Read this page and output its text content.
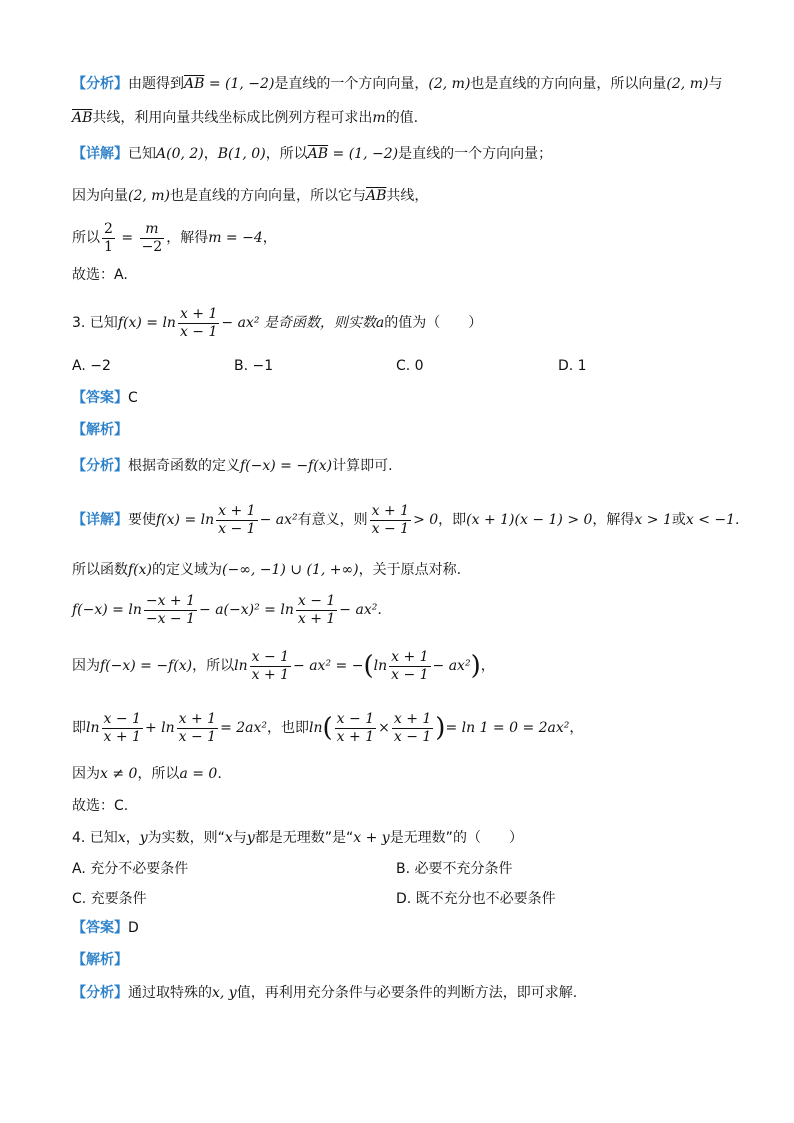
【分析】由题得到$\overline{AB} = (1$, −2)是直线的一个方向向量，(2, m)也是直线的方向向量，所以向量(2, m)与
$\overline{AB}$共线，利用向量共线坐标成比例列方程可求出m的值.
【详解】已知A(0, 2)，B(1, 0)，所以$\overline{AB} = (1$, −2)是直线的一个方向向量；
因为向量(2, m)也是直线的方向向量，所以它与$\overline{AB}$共线，
所以 $\frac{2}{1} = \frac{m}{-2}$ ，解得m = −4，
故选：A.
3. 已知$f(x) = \ln \frac{x + 1}{x - 1} - ax^2$ 是奇函数，则实数a的值为（　　）
A. −2	B. −1	C. 0	D. 1
【答案】C
【解析】
【分析】根据奇函数的定义f(−x) = −f(x)计算即可.
【详解】要使$f(x) = \ln \frac{x + 1}{x - 1} - ax^2$有意义，则 $\frac{x + 1}{x - 1} > 0$，即(x + 1)(x − 1) > 0，解得x > 1或x < −1.
所以函数f(x)的定义域为(−∞, −1) ∪ (1, +∞)，关于原点对称.
$f(-x) = \ln \frac{-x + 1}{-x - 1} - a(-x)^2 = \ln \frac{x - 1}{x + 1} - ax^2$.
因为f(−x) = −f(x)，所以$\ln \frac{x - 1}{x + 1} - ax^2 = -(\ln \frac{x + 1}{x - 1} - ax^2)$，
即$\ln \frac{x - 1}{x + 1} + \ln \frac{x + 1}{x - 1} = 2ax^2$，也即$\ln( \frac{x - 1}{x + 1} \times \frac{x + 1}{x - 1}$ )= ln 1 = 0 = 2ax²，
因为x ≠ 0，所以a = 0.
故选：C.
4. 已知x，y为实数，则“x与y都是无理数”是“x + y是无理数”的（　　）
A. 充分不必要条件	B. 必要不充分条件
C. 充要条件	D. 既不充分也不必要条件
【答案】D
【解析】
【分析】通过取特殊的x, y值，再利用充分条件与必要条件的判断方法，即可求解.
